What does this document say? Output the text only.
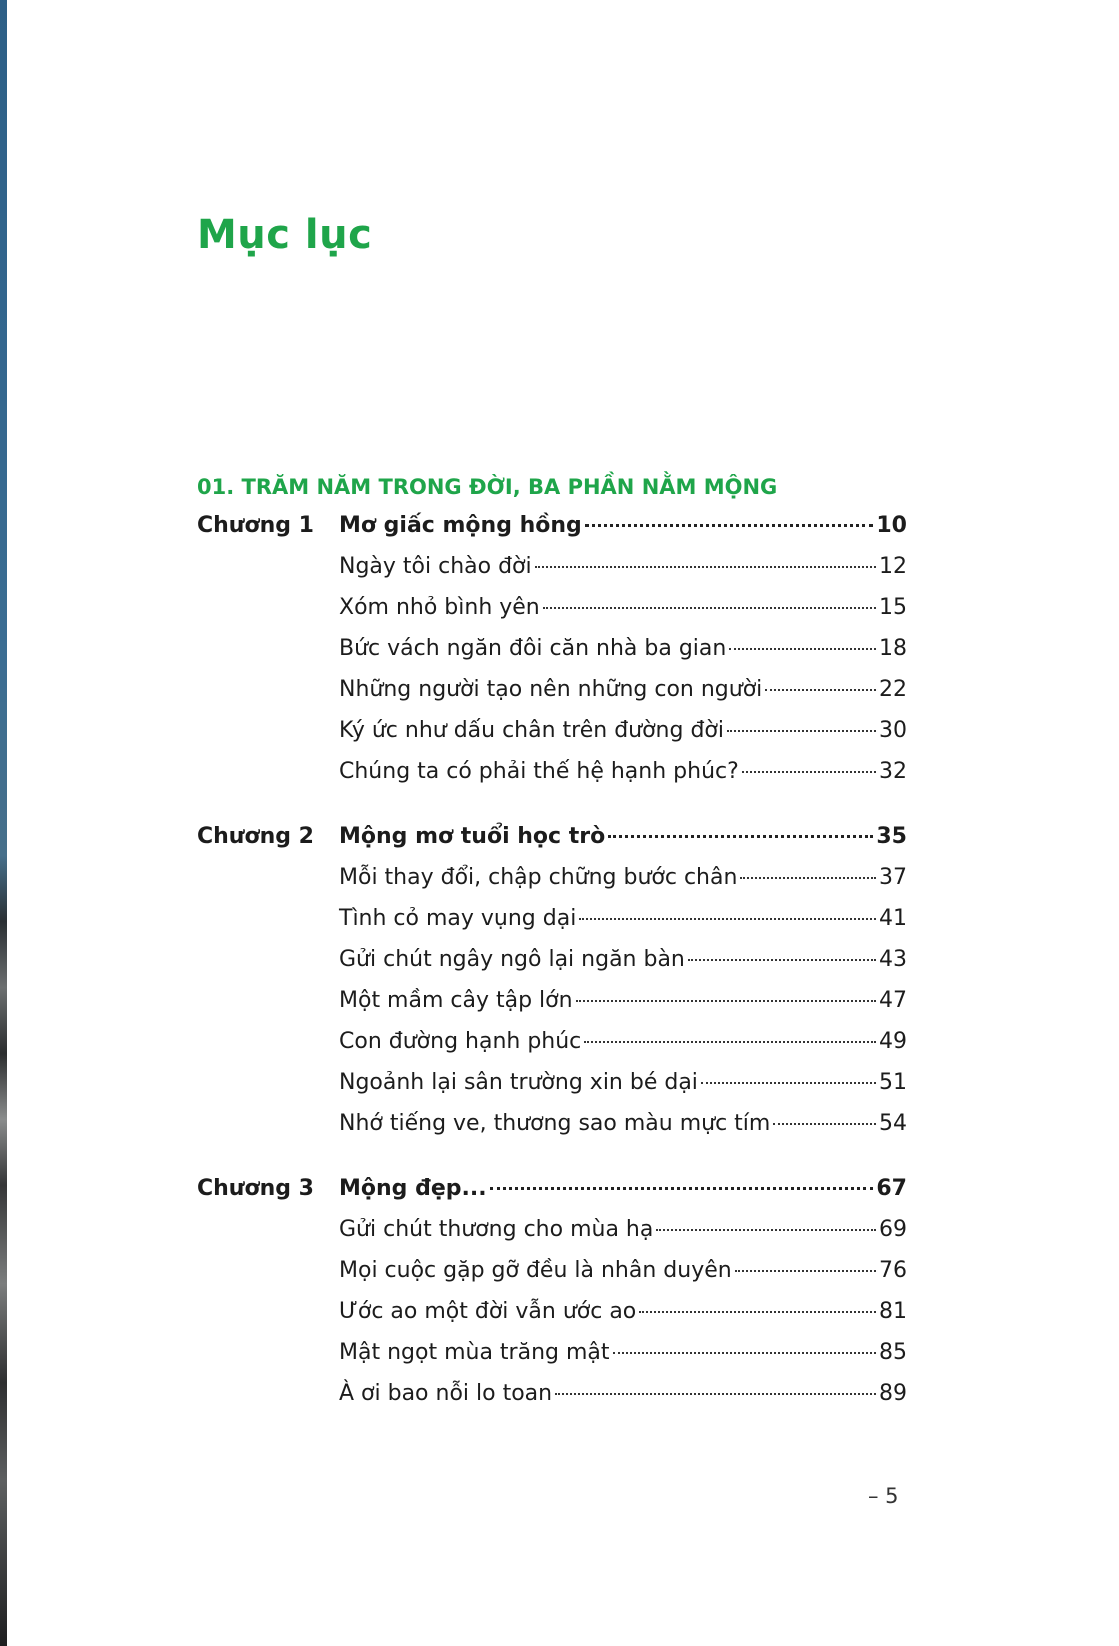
Mục lục
01. TRĂM NĂM TRONG ĐỜI, BA PHẦN NẰM MỘNG
Chương 1	Mơ giấc mộng hồng	10
Ngày tôi chào đời	12
Xóm nhỏ bình yên	15
Bức vách ngăn đôi căn nhà ba gian	18
Những người tạo nên những con người	22
Ký ức như dấu chân trên đường đời	30
Chúng ta có phải thế hệ hạnh phúc?	32
Chương 2	Mộng mơ tuổi học trò	35
Mỗi thay đổi, chập chững bước chân	37
Tình cỏ may vụng dại	41
Gửi chút ngây ngô lại ngăn bàn	43
Một mầm cây tập lớn	47
Con đường hạnh phúc	49
Ngoảnh lại sân trường xin bé dại	51
Nhớ tiếng ve, thương sao màu mực tím	54
Chương 3	Mộng đẹp...	67
Gửi chút thương cho mùa hạ	69
Mọi cuộc gặp gỡ đều là nhân duyên	76
Ước ao một đời vẫn ước ao	81
Mật ngọt mùa trăng mật	85
À ơi bao nỗi lo toan	89
– 5
